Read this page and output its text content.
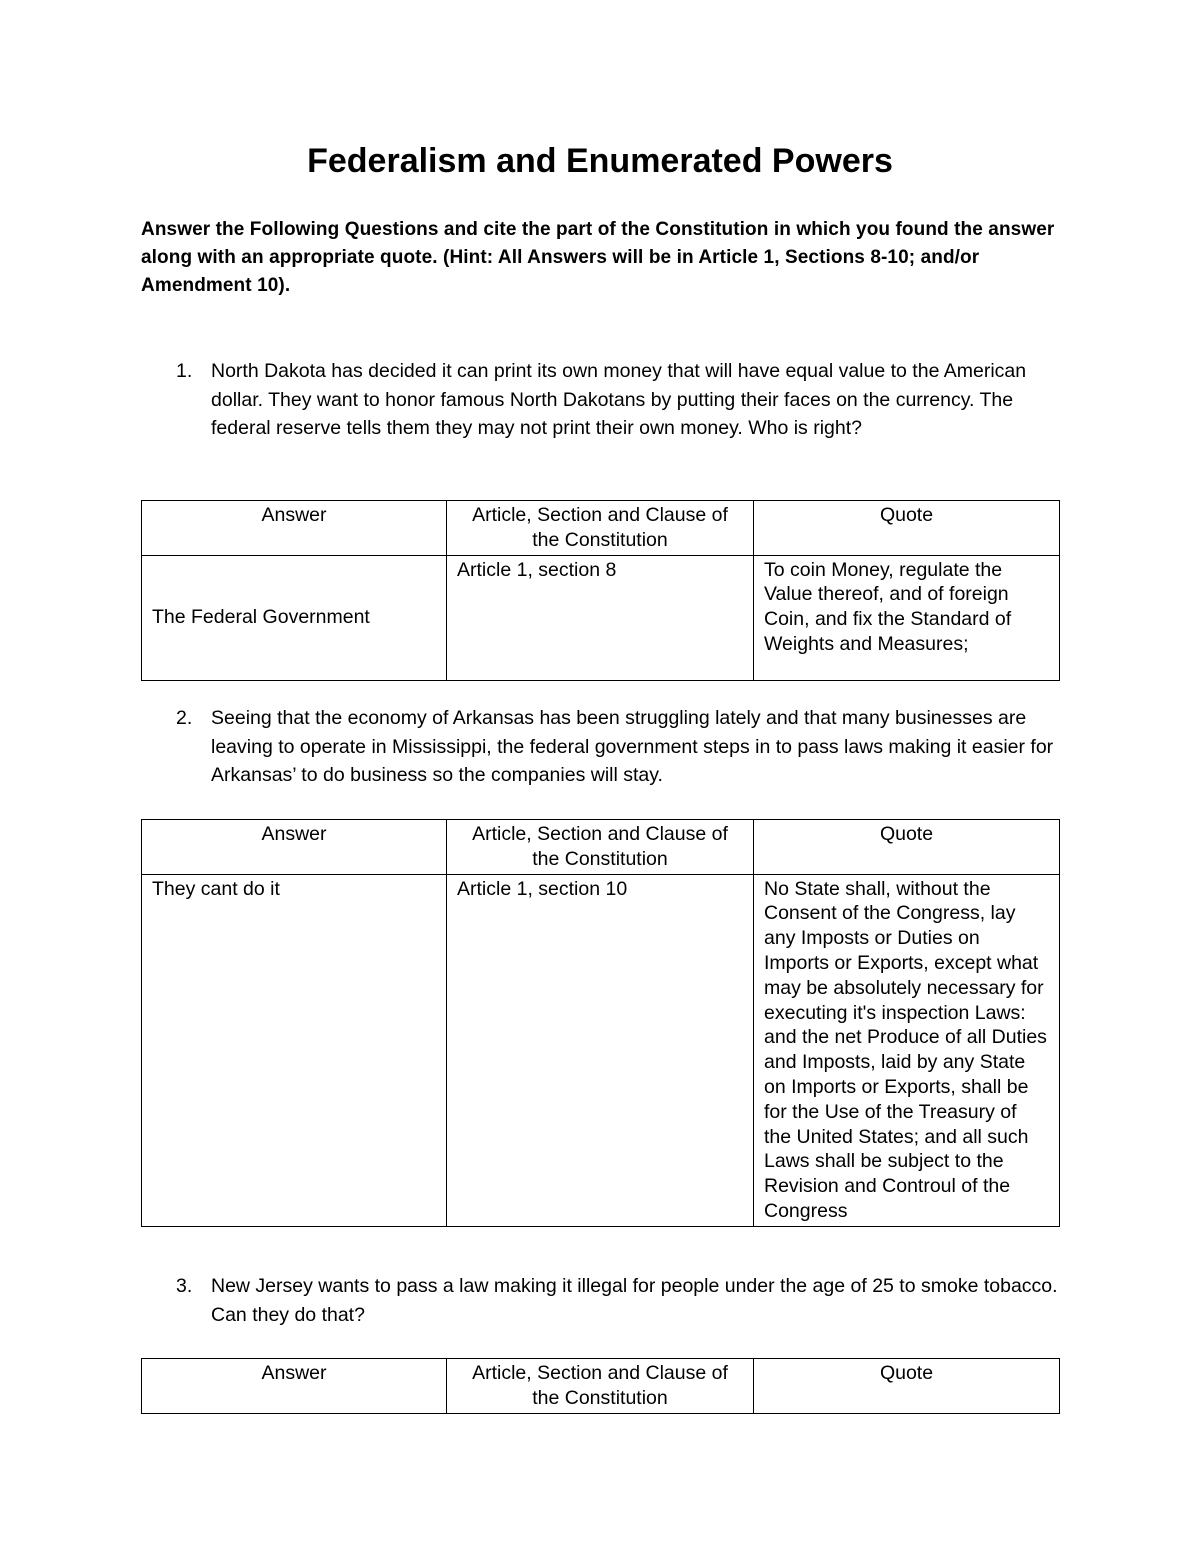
Federalism and Enumerated Powers

Answer the Following Questions and cite the part of the Constitution in which you found the answer along with an appropriate quote. (Hint: All Answers will be in Article 1, Sections 8-10; and/or Amendment 10).

1. North Dakota has decided it can print its own money that will have equal value to the American dollar. They want to honor famous North Dakotans by putting their faces on the currency. The federal reserve tells them they may not print their own money. Who is right?
Answer	Article, Section and Clause of the Constitution	Quote
The Federal Government	Article 1, section 8	To coin Money, regulate the Value thereof, and of foreign Coin, and fix the Standard of Weights and Measures;
2. Seeing that the economy of Arkansas has been struggling lately and that many businesses are leaving to operate in Mississippi, the federal government steps in to pass laws making it easier for Arkansas’ to do business so the companies will stay.
Answer	Article, Section and Clause of the Constitution	Quote
They cant do it	Article 1, section 10	No State shall, without the Consent of the Congress, lay any Imposts or Duties on Imports or Exports, except what may be absolutely necessary for executing it's inspection Laws: and the net Produce of all Duties and Imposts, laid by any State on Imports or Exports, shall be for the Use of the Treasury of the United States; and all such Laws shall be subject to the Revision and Controul of the Congress
3. New Jersey wants to pass a law making it illegal for people under the age of 25 to smoke tobacco. Can they do that?
Answer	Article, Section and Clause of the Constitution	Quote
